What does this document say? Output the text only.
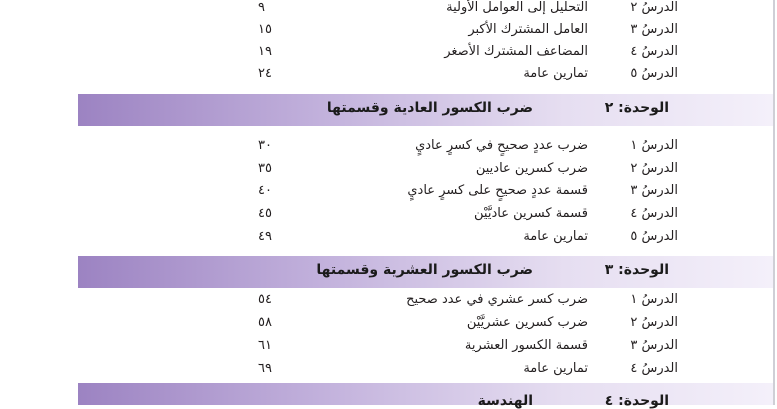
الدرسُ ٢
التحليل إلى العوامل الأولية
٩
الدرسُ ٣
العامل المشترك الأكبر
١٥
الدرسُ ٤
المضاعف المشترك الأصغر
١٩
الدرسُ ٥
تمارين عامة
٢٤
الوحدة: ٢
ضرب الكسور العادية وقسمتها
الدرسُ ١
ضرب عددٍ صحيحٍ في كسرٍ عاديٍ
٣٠
الدرسُ ٢
ضرب كسرين عاديين
٣٥
الدرسُ ٣
قسمة عددٍ صحيحٍ على كسرٍ عاديٍ
٤٠
الدرسُ ٤
قسمة كسرين عاديَّيْن
٤٥
الدرسُ ٥
تمارين عامة
٤٩
الوحدة: ٣
ضرب الكسور العشرية وقسمتها
الدرسُ ١
ضرب كسر عشري في عدد صحيح
٥٤
الدرسُ ٢
ضرب كسرين عشريَّيْن
٥٨
الدرسُ ٣
قسمة الكسور العشرية
٦١
الدرسُ ٤
تمارين عامة
٦٩
الوحدة: ٤
الهندسة
